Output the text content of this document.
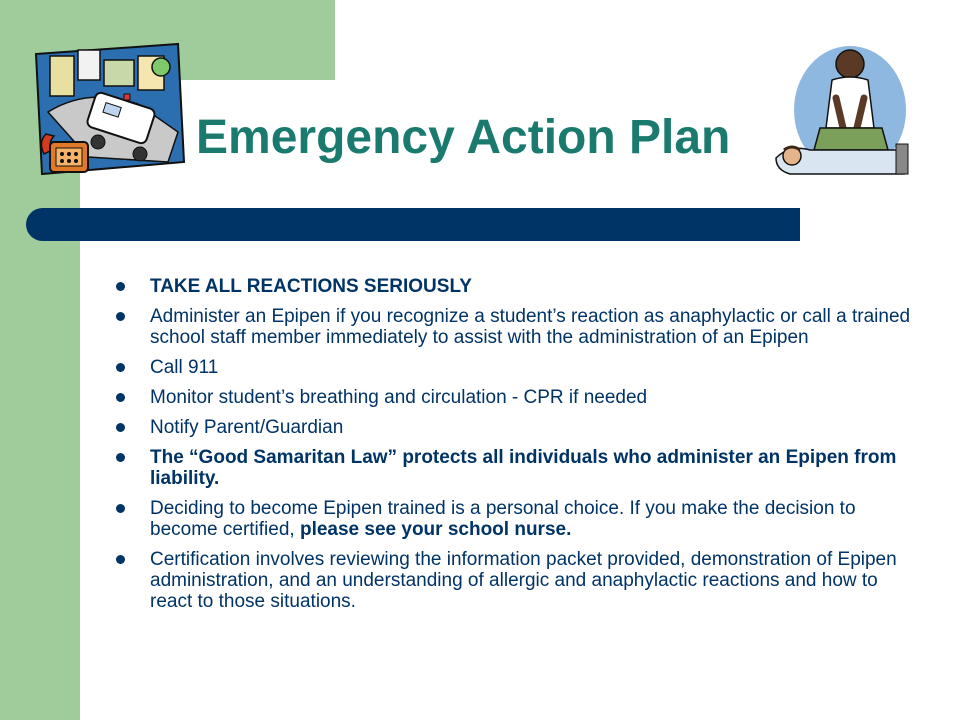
Emergency Action Plan
TAKE ALL REACTIONS SERIOUSLY
Administer an Epipen if you recognize a student’s reaction as anaphylactic or call a trained school staff member immediately to assist with the administration of an Epipen
Call 911
Monitor student’s breathing and circulation - CPR if needed
Notify Parent/Guardian
The “Good Samaritan Law” protects all individuals who administer an Epipen from liability.
Deciding to become Epipen trained is a personal choice. If you make the decision to become certified, please see your school nurse.
Certification involves reviewing the information packet provided, demonstration of Epipen administration, and an understanding of allergic and anaphylactic reactions and how to react to those situations.
